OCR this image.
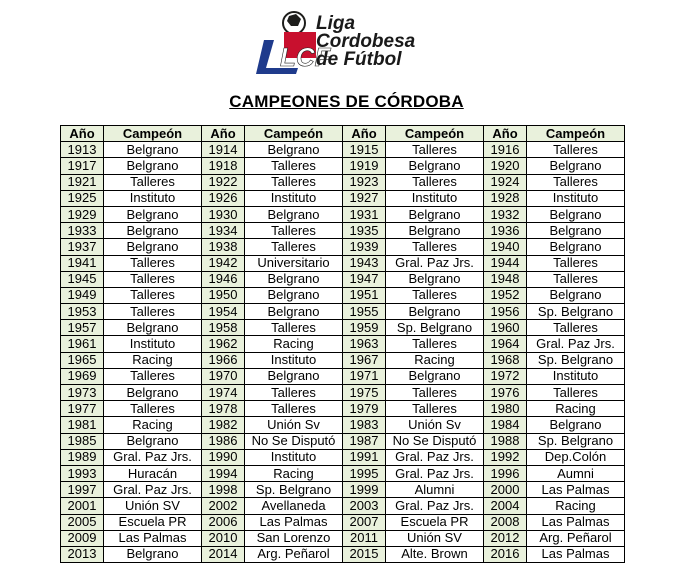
LCF
Liga
Cordobesa
de Fútbol
CAMPEONES DE CÓRDOBA
Año	Campeón	Año	Campeón	Año	Campeón	Año	Campeón
1913	Belgrano	1914	Belgrano	1915	Talleres	1916	Talleres
1917	Belgrano	1918	Talleres	1919	Belgrano	1920	Belgrano
1921	Talleres	1922	Talleres	1923	Talleres	1924	Talleres
1925	Instituto	1926	Instituto	1927	Instituto	1928	Instituto
1929	Belgrano	1930	Belgrano	1931	Belgrano	1932	Belgrano
1933	Belgrano	1934	Talleres	1935	Belgrano	1936	Belgrano
1937	Belgrano	1938	Talleres	1939	Talleres	1940	Belgrano
1941	Talleres	1942	Universitario	1943	Gral. Paz Jrs.	1944	Talleres
1945	Talleres	1946	Belgrano	1947	Belgrano	1948	Talleres
1949	Talleres	1950	Belgrano	1951	Talleres	1952	Belgrano
1953	Talleres	1954	Belgrano	1955	Belgrano	1956	Sp. Belgrano
1957	Belgrano	1958	Talleres	1959	Sp. Belgrano	1960	Talleres
1961	Instituto	1962	Racing	1963	Talleres	1964	Gral. Paz Jrs.
1965	Racing	1966	Instituto	1967	Racing	1968	Sp. Belgrano
1969	Talleres	1970	Belgrano	1971	Belgrano	1972	Instituto
1973	Belgrano	1974	Talleres	1975	Talleres	1976	Talleres
1977	Talleres	1978	Talleres	1979	Talleres	1980	Racing
1981	Racing	1982	Unión Sv	1983	Unión Sv	1984	Belgrano
1985	Belgrano	1986	No Se Disputó	1987	No Se Disputó	1988	Sp. Belgrano
1989	Gral. Paz Jrs.	1990	Instituto	1991	Gral. Paz Jrs.	1992	Dep.Colón
1993	Huracán	1994	Racing	1995	Gral. Paz Jrs.	1996	Aumni
1997	Gral. Paz Jrs.	1998	Sp. Belgrano	1999	Alumni	2000	Las Palmas
2001	Unión SV	2002	Avellaneda	2003	Gral. Paz Jrs.	2004	Racing
2005	Escuela PR	2006	Las Palmas	2007	Escuela PR	2008	Las Palmas
2009	Las Palmas	2010	San Lorenzo	2011	Unión SV	2012	Arg. Peñarol
2013	Belgrano	2014	Arg. Peñarol	2015	Alte. Brown	2016	Las Palmas
